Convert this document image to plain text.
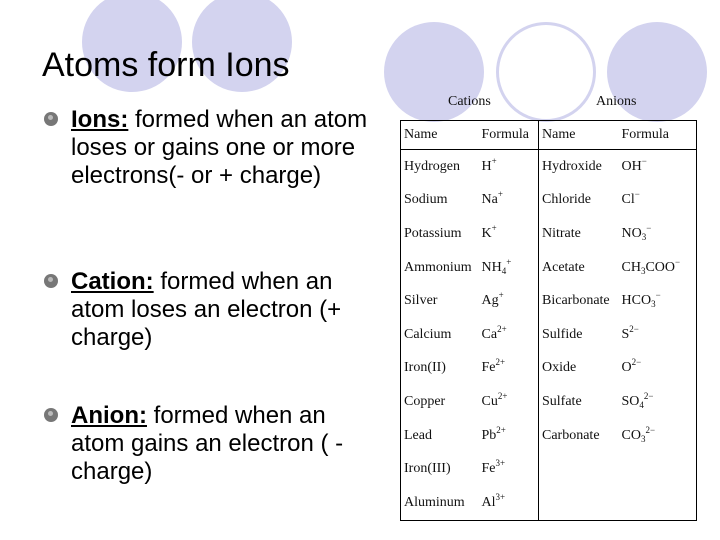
Atoms form Ions
Ions: formed when an atom loses or gains one or more electrons(- or + charge)
Cation: formed when an atom loses an electron (+ charge)
Anion: formed when an atom gains an electron ( -charge)
Cations	Anions
Name	Formula	Name	Formula
Hydrogen	H+	Hydroxide	OH−
Sodium	Na+	Chloride	Cl−
Potassium	K+	Nitrate	$NO_3^-$
Ammonium	$NH_4^+$	Acetate	$CH_3COO^-$
Silver	Ag+	Bicarbonate	$HCO_3^-$
Calcium	$Ca^{2+}$	Sulfide	$S^{2-}$
Iron(II)	$Fe^{2+}$	Oxide	$O^{2-}$
Copper	$Cu^{2+}$	Sulfate	$SO_4^{2-}$
Lead	$Pb^{2+}$	Carbonate	$CO_3^{2-}$
Iron(III)	$Fe^{3+}$		
Aluminum	$Al^{3+}$		
